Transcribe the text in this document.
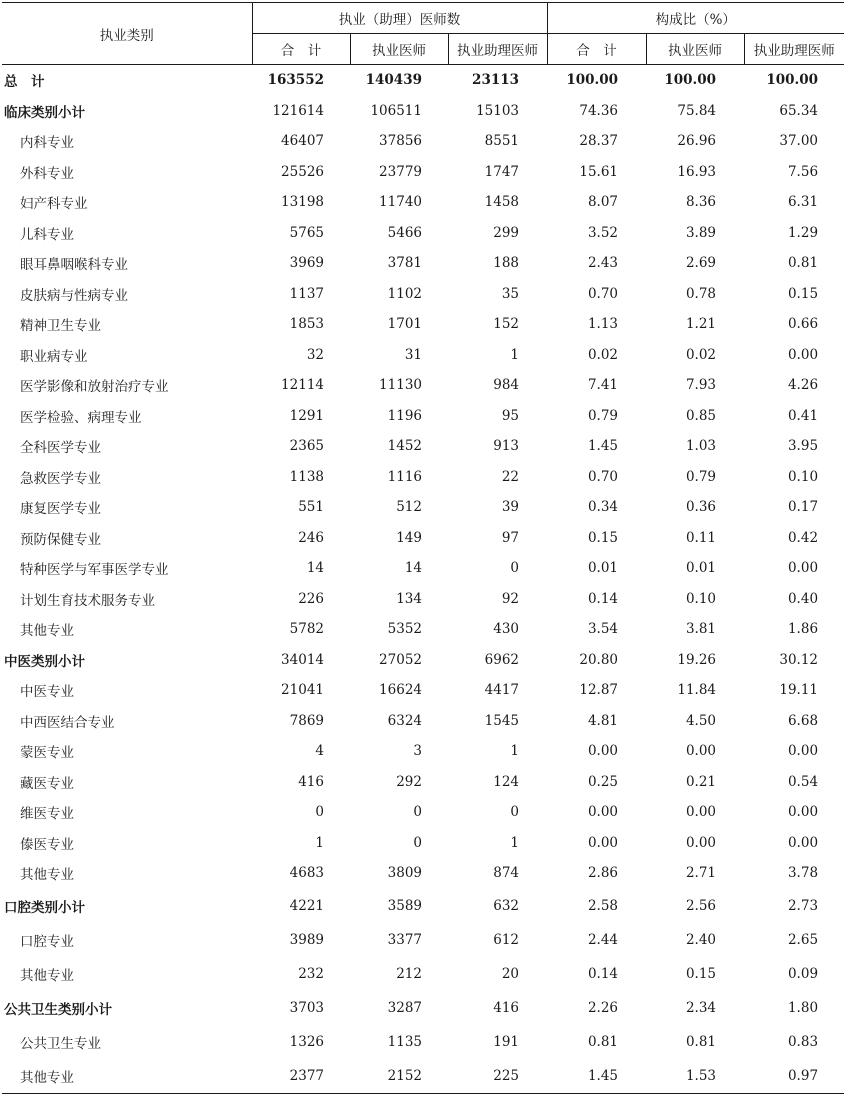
执业类别	执业（助理）医师数			构成比（%）		
	合　计	执业医师	执业助理医师	合　计	执业医师	执业助理医师
总　计	163552	140439	23113	100.00	100.00	100.00
临床类别小计	121614	106511	15103	74.36	75.84	65.34
内科专业	46407	37856	8551	28.37	26.96	37.00
外科专业	25526	23779	1747	15.61	16.93	7.56
妇产科专业	13198	11740	1458	8.07	8.36	6.31
儿科专业	5765	5466	299	3.52	3.89	1.29
眼耳鼻咽喉科专业	3969	3781	188	2.43	2.69	0.81
皮肤病与性病专业	1137	1102	35	0.70	0.78	0.15
精神卫生专业	1853	1701	152	1.13	1.21	0.66
职业病专业	32	31	1	0.02	0.02	0.00
医学影像和放射治疗专业	12114	11130	984	7.41	7.93	4.26
医学检验、病理专业	1291	1196	95	0.79	0.85	0.41
全科医学专业	2365	1452	913	1.45	1.03	3.95
急救医学专业	1138	1116	22	0.70	0.79	0.10
康复医学专业	551	512	39	0.34	0.36	0.17
预防保健专业	246	149	97	0.15	0.11	0.42
特种医学与军事医学专业	14	14	0	0.01	0.01	0.00
计划生育技术服务专业	226	134	92	0.14	0.10	0.40
其他专业	5782	5352	430	3.54	3.81	1.86
中医类别小计	34014	27052	6962	20.80	19.26	30.12
中医专业	21041	16624	4417	12.87	11.84	19.11
中西医结合专业	7869	6324	1545	4.81	4.50	6.68
蒙医专业	4	3	1	0.00	0.00	0.00
藏医专业	416	292	124	0.25	0.21	0.54
维医专业	0	0	0	0.00	0.00	0.00
傣医专业	1	0	1	0.00	0.00	0.00
其他专业	4683	3809	874	2.86	2.71	3.78
口腔类别小计	4221	3589	632	2.58	2.56	2.73
口腔专业	3989	3377	612	2.44	2.40	2.65
其他专业	232	212	20	0.14	0.15	0.09
公共卫生类别小计	3703	3287	416	2.26	2.34	1.80
公共卫生专业	1326	1135	191	0.81	0.81	0.83
其他专业	2377	2152	225	1.45	1.53	0.97
